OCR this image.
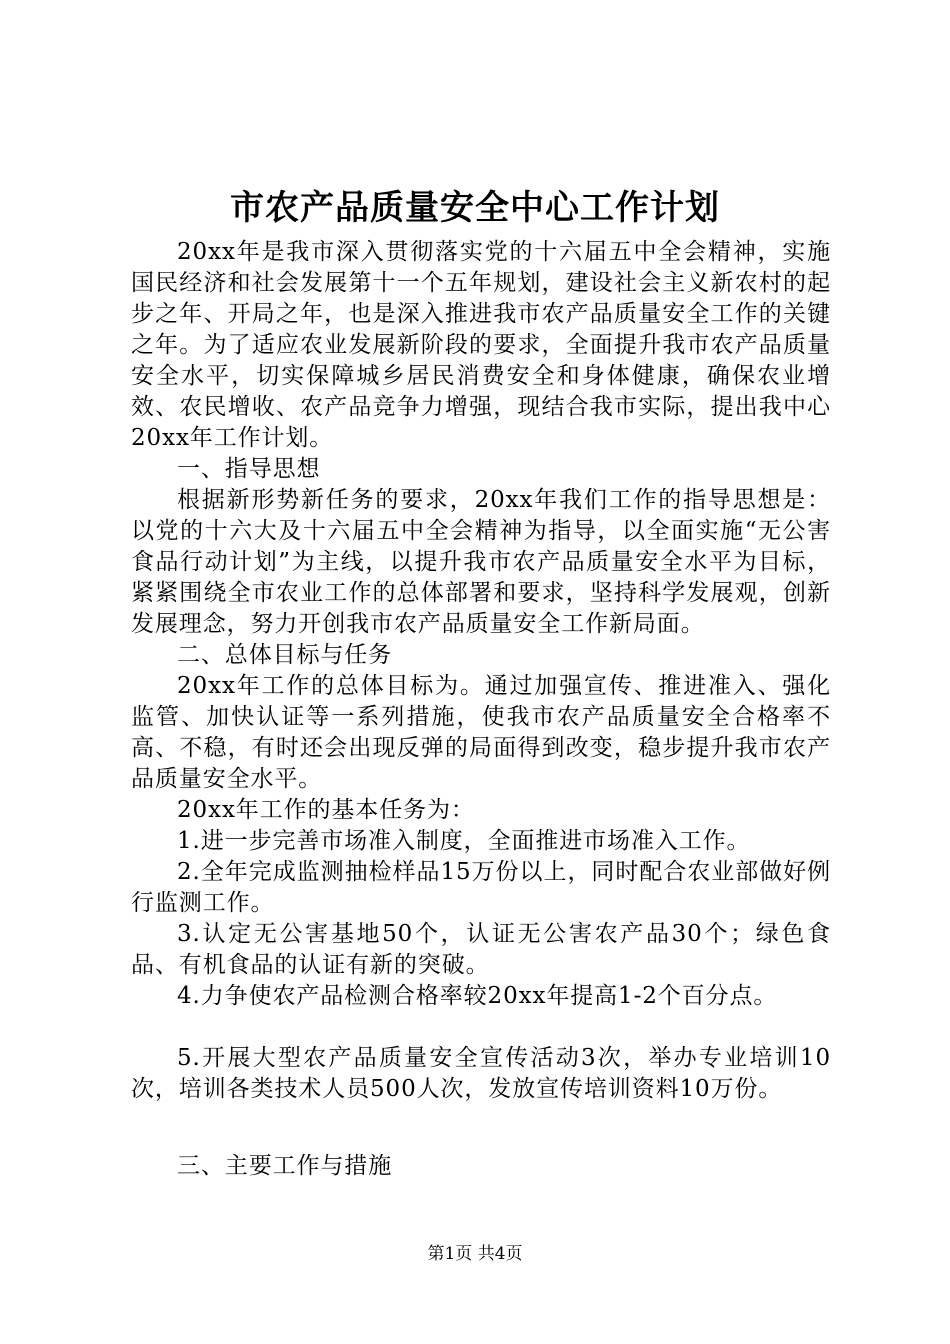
市农产品质量安全中心工作计划

20xx年是我市深入贯彻落实党的十六届五中全会精神，实施国民经济和社会发展第十一个五年规划，建设社会主义新农村的起步之年、开局之年，也是深入推进我市农产品质量安全工作的关键之年。为了适应农业发展新阶段的要求，全面提升我市农产品质量安全水平，切实保障城乡居民消费安全和身体健康，确保农业增效、农民增收、农产品竞争力增强，现结合我市实际，提出我中心20xx年工作计划。

一、指导思想

根据新形势新任务的要求，20xx年我们工作的指导思想是：以党的十六大及十六届五中全会精神为指导，以全面实施“无公害食品行动计划”为主线，以提升我市农产品质量安全水平为目标，紧紧围绕全市农业工作的总体部署和要求，坚持科学发展观，创新发展理念，努力开创我市农产品质量安全工作新局面。

二、总体目标与任务

20xx年工作的总体目标为。通过加强宣传、推进准入、强化监管、加快认证等一系列措施，使我市农产品质量安全合格率不高、不稳，有时还会出现反弹的局面得到改变，稳步提升我市农产品质量安全水平。

20xx年工作的基本任务为：

1.进一步完善市场准入制度，全面推进市场准入工作。

2.全年完成监测抽检样品15万份以上，同时配合农业部做好例行监测工作。

3.认定无公害基地50个，认证无公害农产品30个；绿色食品、有机食品的认证有新的突破。

4.力争使农产品检测合格率较20xx年提高1-2个百分点。

5.开展大型农产品质量安全宣传活动3次，举办专业培训10次，培训各类技术人员500人次，发放宣传培训资料10万份。

三、主要工作与措施

第1页 共4页
